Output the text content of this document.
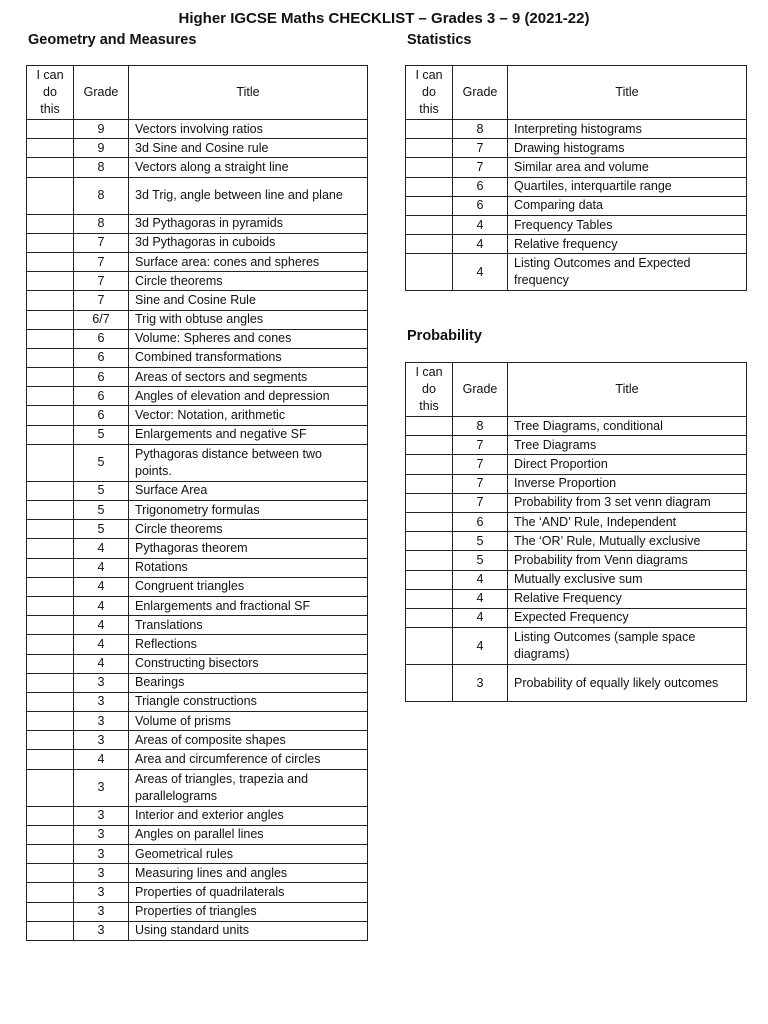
Higher IGCSE Maths CHECKLIST – Grades 3 – 9 (2021-22)
Geometry and Measures	Statistics
Probability
I can do this	Grade	Title
	9	Vectors involving ratios
	9	3d Sine and Cosine rule
	8	Vectors along a straight line
	8	3d Trig, angle between line and plane
	8	3d Pythagoras in pyramids
	7	3d Pythagoras in cuboids
	7	Surface area: cones and spheres
	7	Circle theorems
	7	Sine and Cosine Rule
	6/7	Trig with obtuse angles
	6	Volume: Spheres and cones
	6	Combined transformations
	6	Areas of sectors and segments
	6	Angles of elevation and depression
	6	Vector: Notation, arithmetic
	5	Enlargements and negative SF
	5	Pythagoras distance between two points.
	5	Surface Area
	5	Trigonometry formulas
	5	Circle theorems
	4	Pythagoras theorem
	4	Rotations
	4	Congruent triangles
	4	Enlargements and fractional SF
	4	Translations
	4	Reflections
	4	Constructing bisectors
	3	Bearings
	3	Triangle constructions
	3	Volume of prisms
	3	Areas of composite shapes
	4	Area and circumference of circles
	3	Areas of triangles, trapezia and parallelograms
	3	Interior and exterior angles
	3	Angles on parallel lines
	3	Geometrical rules
	3	Measuring lines and angles
	3	Properties of quadrilaterals
	3	Properties of triangles
	3	Using standard units
I can do this	Grade	Title
	8	Interpreting histograms
	7	Drawing histograms
	7	Similar area and volume
	6	Quartiles, interquartile range
	6	Comparing data
	4	Frequency Tables
	4	Relative frequency
	4	Listing Outcomes and Expected frequency
I can do this	Grade	Title
	8	Tree Diagrams, conditional
	7	Tree Diagrams
	7	Direct Proportion
	7	Inverse Proportion
	7	Probability from 3 set venn diagram
	6	The ‘AND’ Rule, Independent
	5	The ‘OR’ Rule, Mutually exclusive
	5	Probability from Venn diagrams
	4	Mutually exclusive sum
	4	Relative Frequency
	4	Expected Frequency
	4	Listing Outcomes (sample space diagrams)
	3	Probability of equally likely outcomes
